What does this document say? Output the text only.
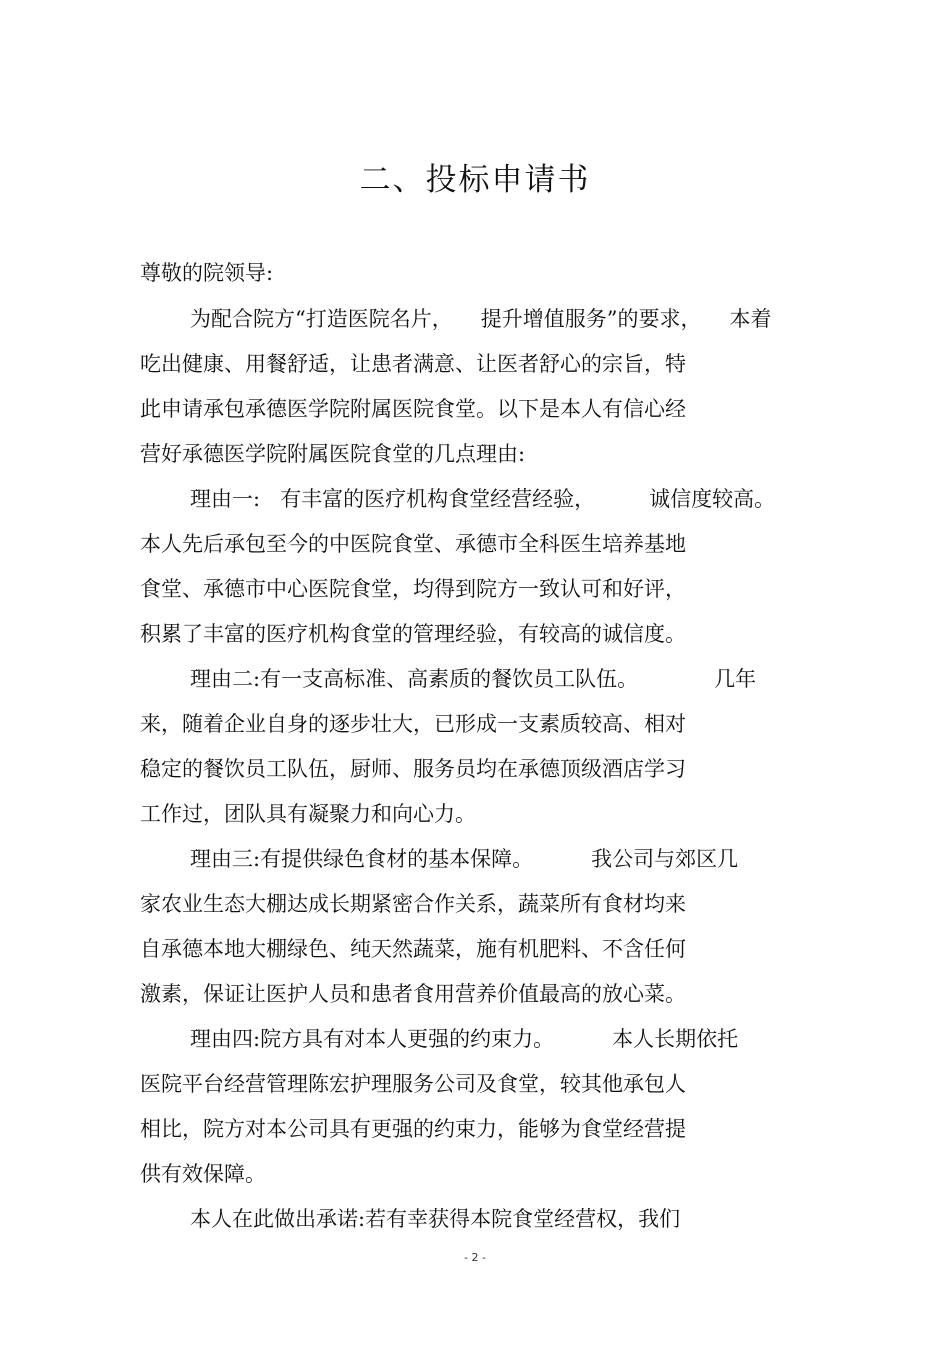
二、投标申请书
尊敬的院领导:
为配合院方“打造医院名片， 提升增值服务”的要求， 本着
吃出健康、用餐舒适，让患者满意、让医者舒心的宗旨，特
此申请承包承德医学院附属医院食堂。以下是本人有信心经
营好承德医学院附属医院食堂的几点理由:
理由一: 有丰富的医疗机构食堂经营经验，	诚信度较高。
本人先后承包至今的中医院食堂、承德市全科医生培养基地
食堂、承德市中心医院食堂，均得到院方一致认可和好评，
积累了丰富的医疗机构食堂的管理经验，有较高的诚信度。
理由二:有一支高标准、高素质的餐饮员工队伍。	几年
来，随着企业自身的逐步壮大，已形成一支素质较高、相对
稳定的餐饮员工队伍，厨师、服务员均在承德顶级酒店学习
工作过，团队具有凝聚力和向心力。
理由三:有提供绿色食材的基本保障。	我公司与郊区几
家农业生态大棚达成长期紧密合作关系，蔬菜所有食材均来
自承德本地大棚绿色、纯天然蔬菜，施有机肥料、不含任何
激素，保证让医护人员和患者食用营养价值最高的放心菜。
理由四:院方具有对本人更强的约束力。	本人长期依托
医院平台经营管理陈宏护理服务公司及食堂，较其他承包人
相比，院方对本公司具有更强的约束力，能够为食堂经营提
供有效保障。
本人在此做出承诺:若有幸获得本院食堂经营权，我们
- 2 -
